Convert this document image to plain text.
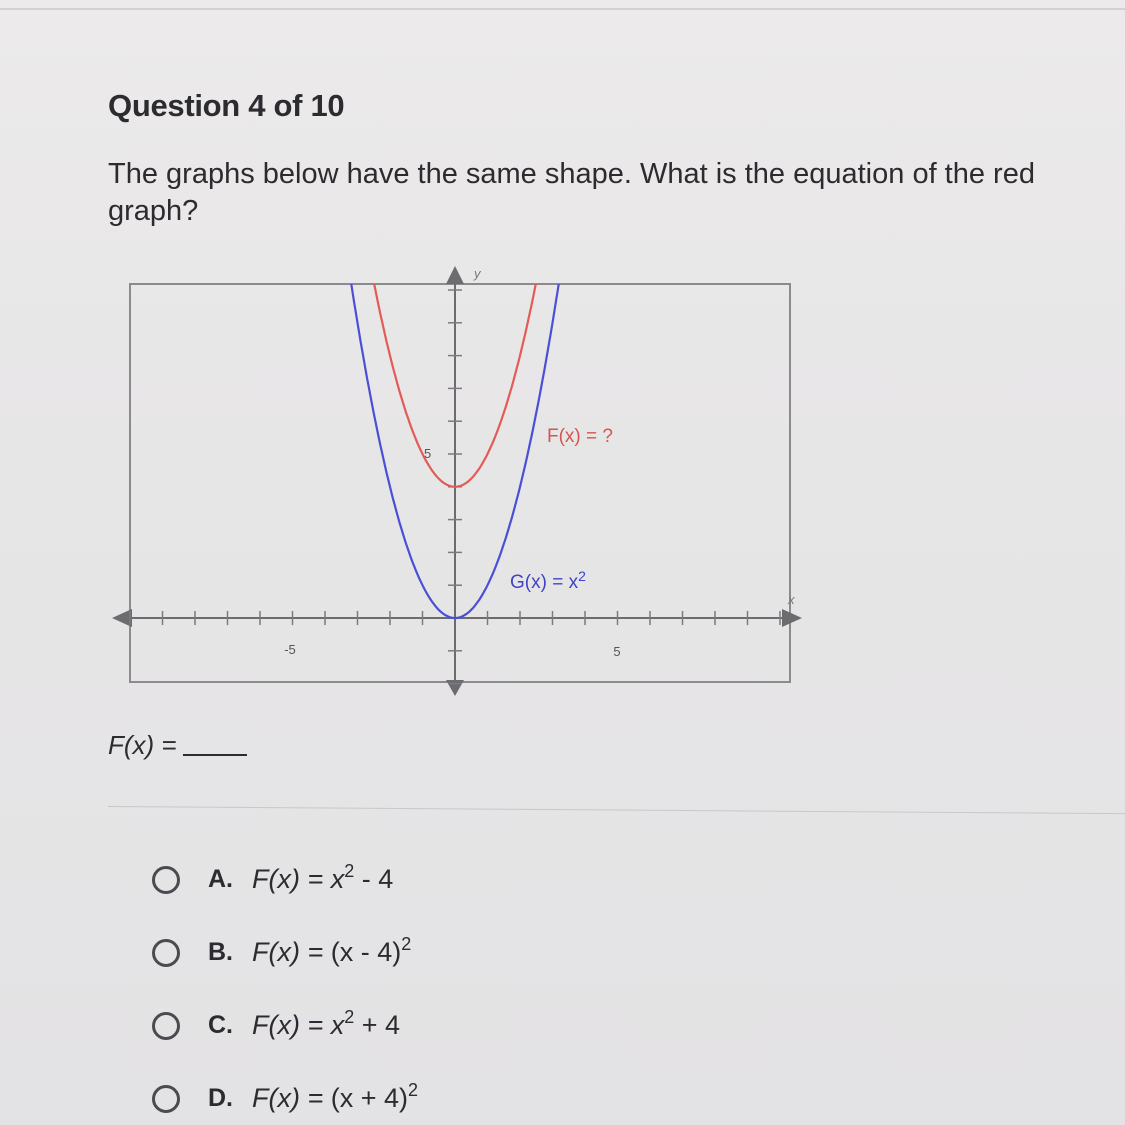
Question 4 of 10
The graphs below have the same shape. What is the equation of the red graph?
-5	5
5
y
x
F(x) = ?
$G(x) = x^2$
F(x) =
A. $F(x) = x^2 - 4$
B. F(x) = (x - 4)$^2$
C. $F(x) = x^2 + 4$
D. $F(x) = (x + 4)^2$
